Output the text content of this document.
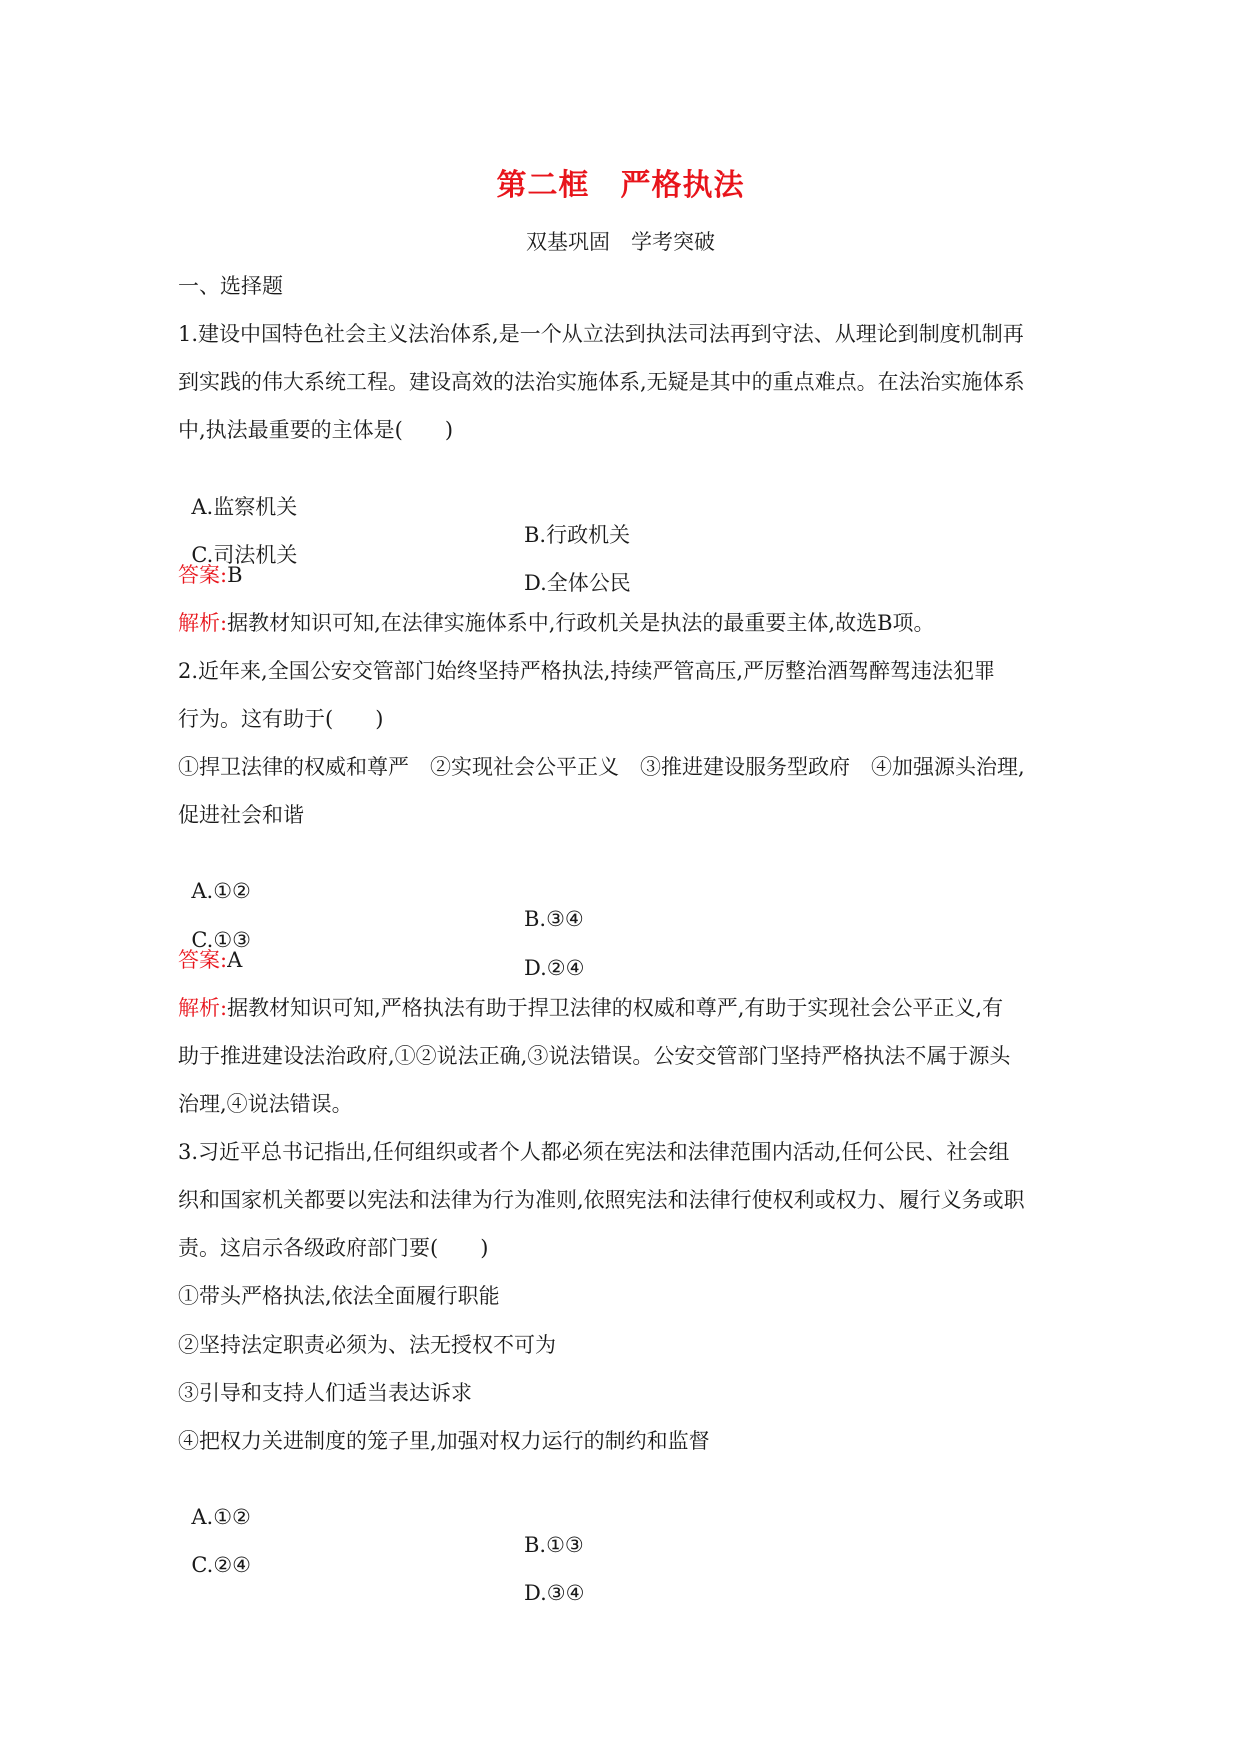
第二框　严格执法
双基巩固　学考突破
一、选择题
1.建设中国特色社会主义法治体系,是一个从立法到执法司法再到守法、从理论到制度机制再
到实践的伟大系统工程。建设高效的法治实施体系,无疑是其中的重点难点。在法治实施体系
中,执法最重要的主体是(　　)

A.监察机关

B.行政机关

C.司法机关

D.全体公民

答案:B
解析:据教材知识可知,在法律实施体系中,行政机关是执法的最重要主体,故选B项。
2.近年来,全国公安交管部门始终坚持严格执法,持续严管高压,严厉整治酒驾醉驾违法犯罪
行为。这有助于(　　)
①捍卫法律的权威和尊严　②实现社会公平正义　③推进建设服务型政府　④加强源头治理,
促进社会和谐

A.①②

B.③④

C.①③

D.②④

答案:A
解析:据教材知识可知,严格执法有助于捍卫法律的权威和尊严,有助于实现社会公平正义,有
助于推进建设法治政府,①②说法正确,③说法错误。公安交管部门坚持严格执法不属于源头
治理,④说法错误。
3.习近平总书记指出,任何组织或者个人都必须在宪法和法律范围内活动,任何公民、社会组
织和国家机关都要以宪法和法律为行为准则,依照宪法和法律行使权利或权力、履行义务或职
责。这启示各级政府部门要(　　)
①带头严格执法,依法全面履行职能
②坚持法定职责必须为、法无授权不可为
③引导和支持人们适当表达诉求
④把权力关进制度的笼子里,加强对权力运行的制约和监督

A.①②

B.①③

C.②④

D.③④
